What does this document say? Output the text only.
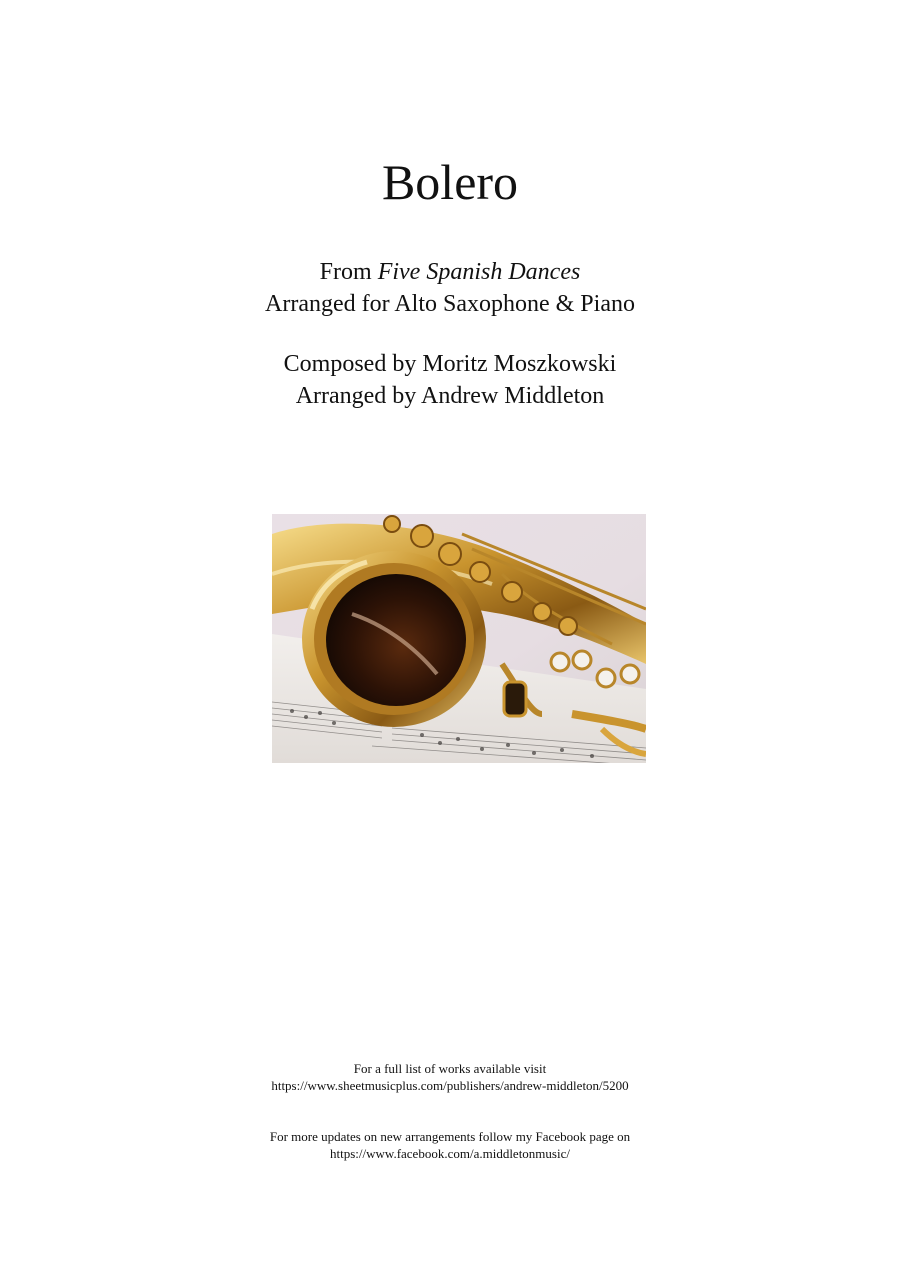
Bolero
From Five Spanish Dances
Arranged for Alto Saxophone & Piano
Composed by Moritz Moszkowski
Arranged by Andrew Middleton
For a full list of works available visit
https://www.sheetmusicplus.com/publishers/andrew-middleton/5200
For more updates on new arrangements follow my Facebook page on
https://www.facebook.com/a.middletonmusic/
